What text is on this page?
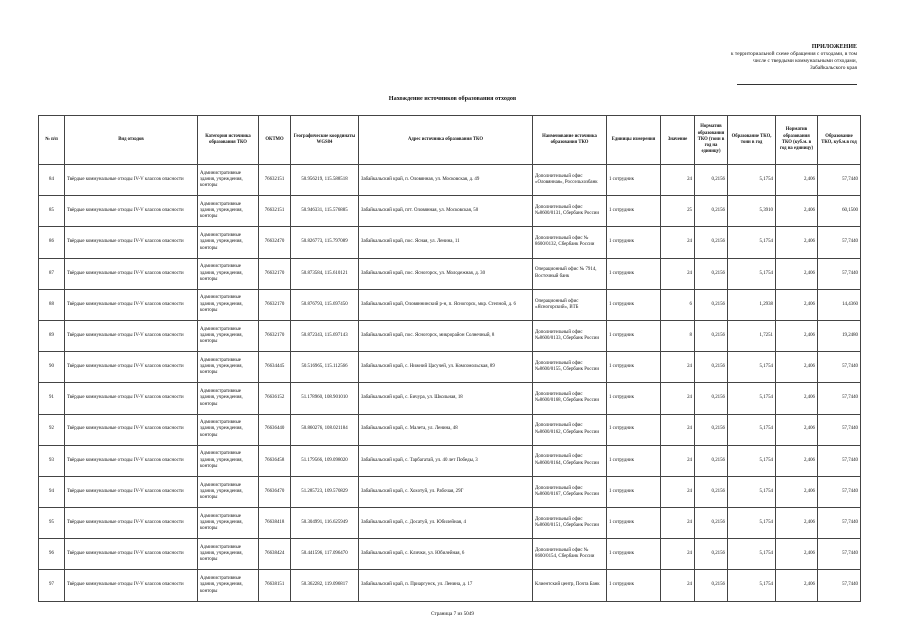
ПРИЛОЖЕНИЕ
к территориальной схеме обращения с отходами, в том
числе с твердыми коммунальными отходами,
Забайкальского края
Нахождение источников образования отходов
№ п/п	Вид отходов	Категория источника образования ТКО	ОКТМО	Географические координаты WGS84	Адрес источника образования ТКО	Наименование источника образования ТКО	Единицы измерения	Значение	Норматив образования ТКО (тонн в год на единицу)	Образование ТКО, тонн в год	Норматив образования ТКО (куб.м. в год на единицу)	Образование ТКО, куб.м.в год
84	Твёрдые коммунальные отходы IV-V классов опасности	Административные здания, учреждения, конторы	76632151	50.956219, 115.588518	Забайкальский край, п. Оловянная, ул. Московская, д. 49	Дополнительный офис «Оловянная», Россельхозбанк	1 сотрудник	24	0,2156	5,1754	2,406	57,7440
85	Твёрдые коммунальные отходы IV-V классов опасности	Административные здания, учреждения, конторы	76632151	50.946331, 115.576885	Забайкальский край, пгт. Оловянная, ул. Московская, 50	Дополнительный офис №8600/0131, Сбербанк России	1 сотрудник	25	0,2156	5,3910	2,406	60,1500
86	Твёрдые коммунальные отходы IV-V классов опасности	Административные здания, учреждения, конторы	76632470	50.826773, 115.797089	Забайкальский край, пос. Ясная, ул. Ленина, 11	Дополнительный офис № 8600/0132, Сбербанк России	1 сотрудник	24	0,2156	5,1754	2,406	57,7440
87	Твёрдые коммунальные отходы IV-V классов опасности	Административные здания, учреждения, конторы	76632170	50.873584, 115.610121	Забайкальский край, пос. Ясногорск, ул. Молодежная, д. 30	Операционный офис № 7914, Восточный банк	1 сотрудник	24	0,2156	5,1754	2,406	57,7440
88	Твёрдые коммунальные отходы IV-V классов опасности	Административные здания, учреждения, конторы	76632170	50.876793, 115.697450	Забайкальский край, Оловяннинский р-н, п. Ясногорск, мкр. Степной, д. 6	Операционный офис «Ясногорский», ВТБ	1 сотрудник	6	0,2156	1,2938	2,406	14,4360
89	Твёрдые коммунальные отходы IV-V классов опасности	Административные здания, учреждения, конторы	76632170	50.872343, 115.697143	Забайкальский край, пос. Ясногорск, микрорайон Солнечный, 8	Дополнительный офис №8600/0133, Сбербанк России	1 сотрудник	8	0,2156	1,7251	2,406	19,2480
90	Твёрдые коммунальные отходы IV-V классов опасности	Административные здания, учреждения, конторы	76634445	50.516965, 115.112566	Забайкальский край, с. Нижний Цасучей, ул. Комсомольская, 89	Дополнительный офис №8600/0155, Сбербанк России	1 сотрудник	24	0,2156	5,1754	2,406	57,7440
91	Твёрдые коммунальные отходы IV-V классов опасности	Административные здания, учреждения, конторы	76636152	51.178960, 108.901010	Забайкальский край, с. Бичура, ул. Школьная, 18	Дополнительный офис №8600/0168, Сбербанк России	1 сотрудник	24	0,2156	5,1754	2,406	57,7440
92	Твёрдые коммунальные отходы IV-V классов опасности	Административные здания, учреждения, конторы	76636440	50.860276, 108.021184	Забайкальский край, с. Малета, ул. Ленина, 48	Дополнительный офис №8600/0162, Сбербанк России	1 сотрудник	24	0,2156	5,1754	2,406	57,7440
93	Твёрдые коммунальные отходы IV-V классов опасности	Административные здания, учреждения, конторы	76636458	51.179566, 109.098020	Забайкальский край, с. Тарбагатай, ул. 40 лет Победы, 3	Дополнительный офис №8600/0164, Сбербанк России	1 сотрудник	24	0,2156	5,1754	2,406	57,7440
94	Твёрдые коммунальные отходы IV-V классов опасности	Административные здания, учреждения, конторы	76636470	51.285723, 109.570829	Забайкальский край, с. Хохотуй, ул. Рабочая, 29Г	Дополнительный офис №8600/0167, Сбербанк России	1 сотрудник	24	0,2156	5,1754	2,406	57,7440
95	Твёрдые коммунальные отходы IV-V классов опасности	Административные здания, учреждения, конторы	76638418	50.304991, 116.625949	Забайкальский край, с. Досатуй, ул. Юбилейная, 4	Дополнительный офис №8600/0151, Сбербанк России	1 сотрудник	24	0,2156	5,1754	2,406	57,7440
96	Твёрдые коммунальные отходы IV-V классов опасности	Административные здания, учреждения, конторы	76638424	50.441596, 117.096470	Забайкальский край, с. Клички, ул. Юбилейная, 6	Дополнительный офис № 8600/0154, Сбербанк России	1 сотрудник	24	0,2156	5,1754	2,406	57,7440
97	Твёрдые коммунальные отходы IV-V классов опасности	Административные здания, учреждения, конторы	76638151	50.362282, 119.096817	Забайкальский край, п. Приаргунск, ул. Ленина, д. 17	Клиентский центр, Почта Банк	1 сотрудник	24	0,2156	5,1754	2,406	57,7440
Страница 7 из 5049
